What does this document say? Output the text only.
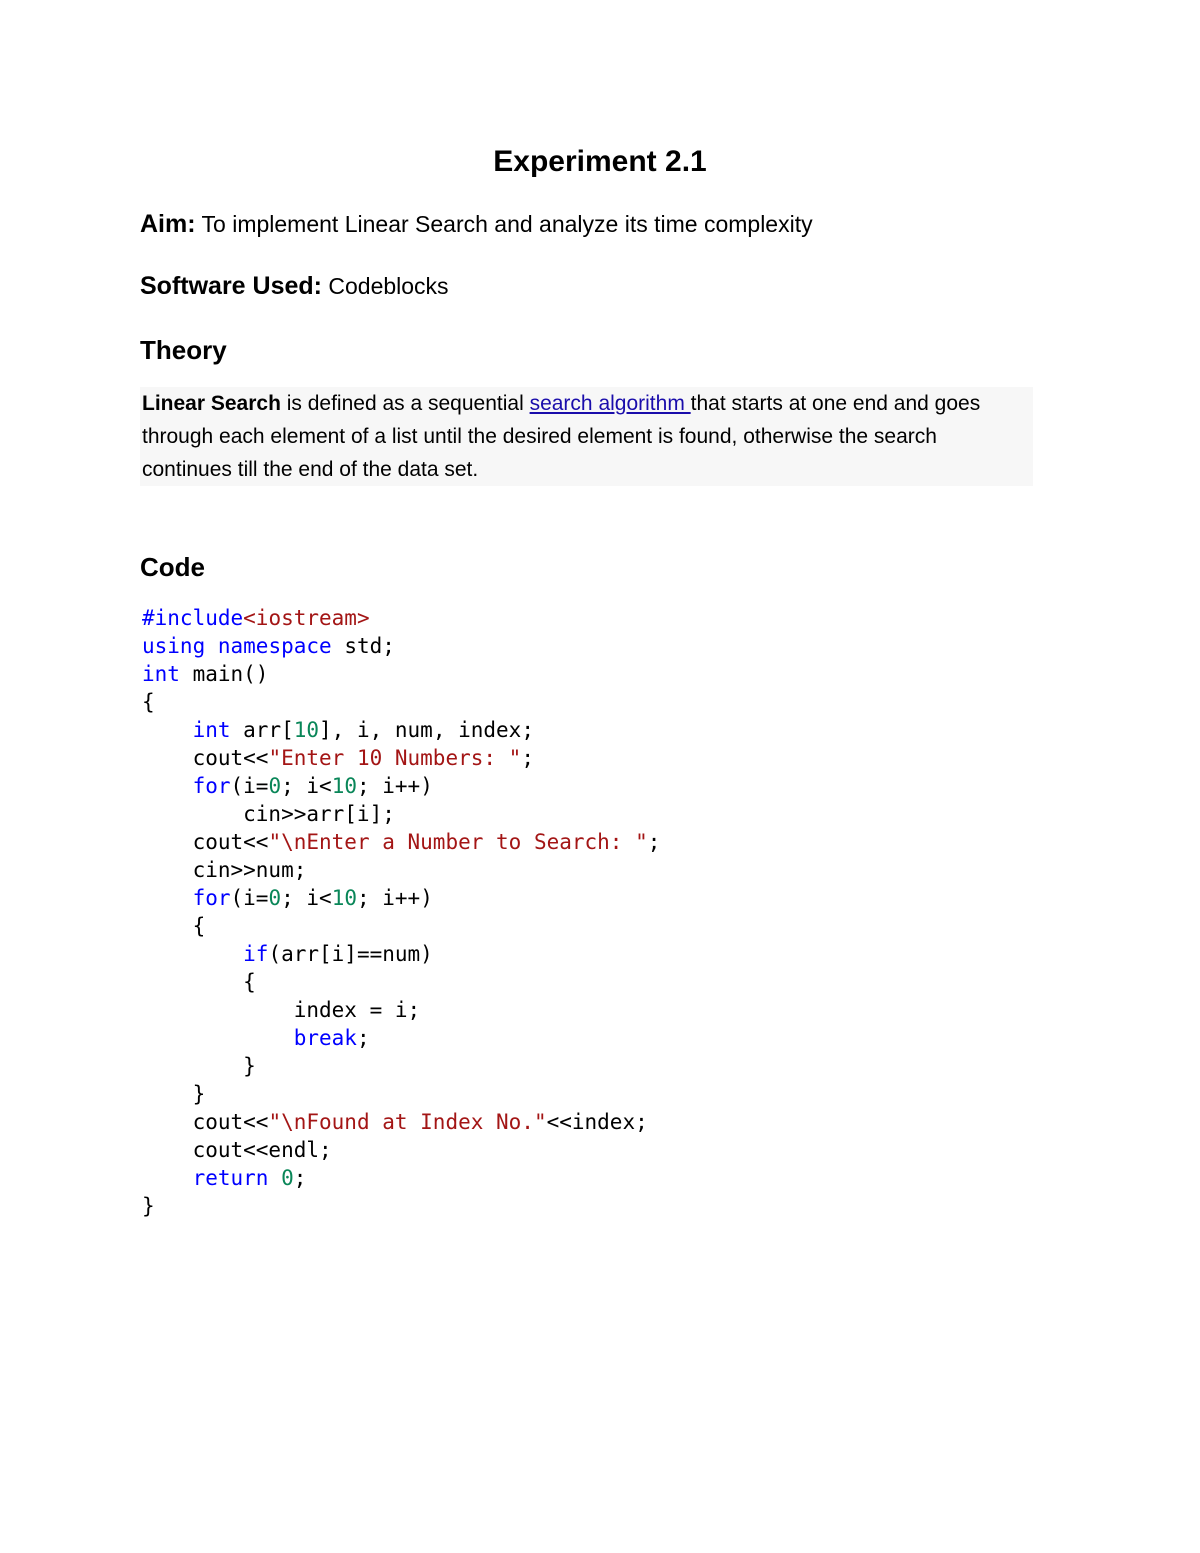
Experiment 2.1
Aim: To implement Linear Search and analyze its time complexity
Software Used: Codeblocks
Theory
Linear Search is defined as a sequential search algorithm that starts at one end and goes through each element of a list until the desired element is found, otherwise the search continues till the end of the data set.
Code
#include<iostream>
using namespace std;
int main()
{
int arr[10], i, num, index;
cout<<"Enter 10 Numbers: ";
for(i=0; i<10; i++)
cin>>arr[i];
cout<<"\nEnter a Number to Search: ";
cin>>num;
for(i=0; i<10; i++)
{
if(arr[i]==num)
{
index = i;
break;
}
}
cout<<"\nFound at Index No."<<index;
cout<<endl;
return 0;
}
